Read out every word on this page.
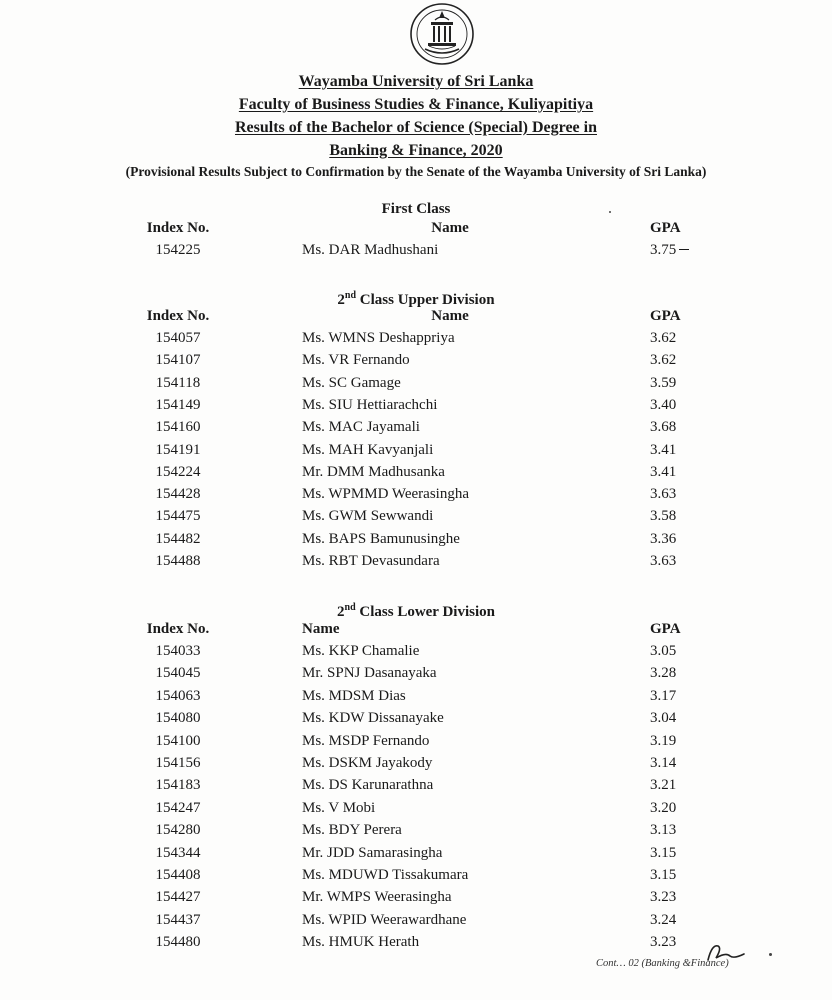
Wayamba University of Sri Lanka
Faculty of Business Studies & Finance, Kuliyapitiya
Results of the Bachelor of Science (Special) Degree in
Banking & Finance, 2020
(Provisional Results Subject to Confirmation by the Senate of the Wayamba University of Sri Lanka)
First Class
Index No.	Name	GPA
154225	Ms. DAR Madhushani	3.75
2nd Class Upper Division
Index No.	Name	GPA
154057	Ms. WMNS Deshappriya	3.62
154107	Ms. VR Fernando	3.62
154118	Ms. SC Gamage	3.59
154149	Ms. SIU Hettiarachchi	3.40
154160	Ms. MAC Jayamali	3.68
154191	Ms. MAH Kavyanjali	3.41
154224	Mr. DMM Madhusanka	3.41
154428	Ms. WPMMD Weerasingha	3.63
154475	Ms. GWM Sewwandi	3.58
154482	Ms. BAPS Bamunusinghe	3.36
154488	Ms. RBT Devasundara	3.63
2nd Class Lower Division
Index No.	Name	GPA
154033	Ms. KKP Chamalie	3.05
154045	Mr. SPNJ Dasanayaka	3.28
154063	Ms. MDSM Dias	3.17
154080	Ms. KDW Dissanayake	3.04
154100	Ms. MSDP Fernando	3.19
154156	Ms. DSKM Jayakody	3.14
154183	Ms. DS Karunarathna	3.21
154247	Ms. V Mobi	3.20
154280	Ms. BDY Perera	3.13
154344	Mr. JDD Samarasingha	3.15
154408	Ms. MDUWD Tissakumara	3.15
154427	Mr. WMPS Weerasingha	3.23
154437	Ms. WPID Weerawardhane	3.24
154480	Ms. HMUK Herath	3.23
Cont… 02 (Banking &Finance)
